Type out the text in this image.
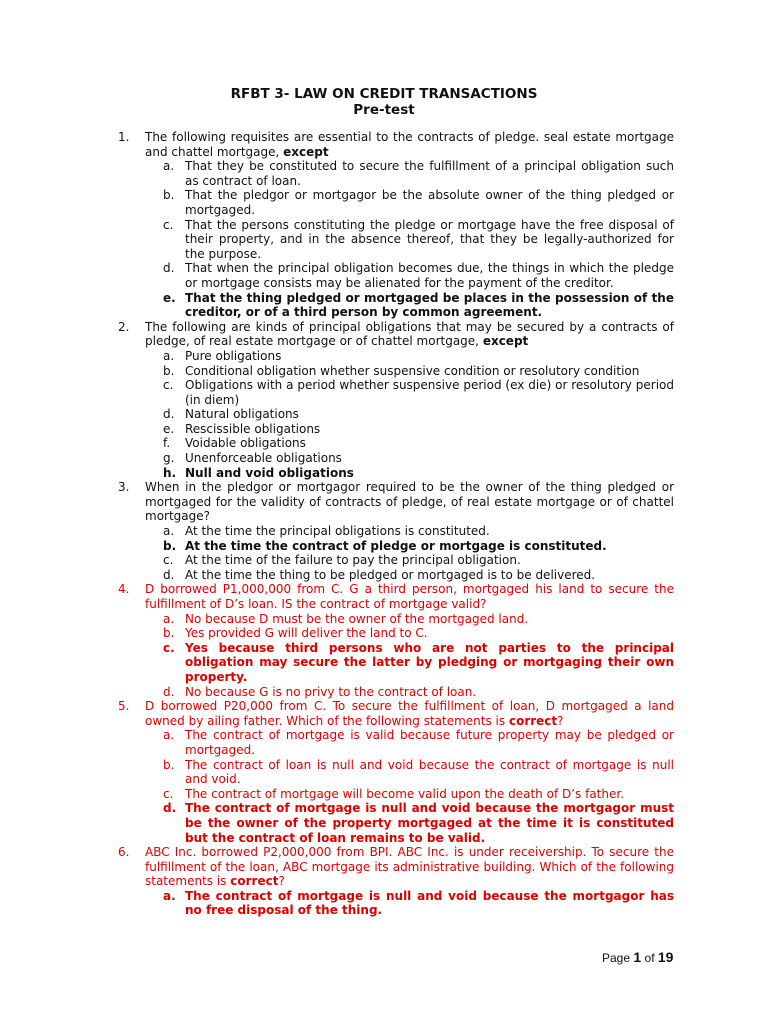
RFBT 3- LAW ON CREDIT TRANSACTIONS
Pre-test
1. The following requisites are essential to the contracts of pledge. seal estate mortgage and chattel mortgage, except
a. That they be constituted to secure the fulfillment of a principal obligation such as contract of loan.
b. That the pledgor or mortgagor be the absolute owner of the thing pledged or mortgaged.
c. That the persons constituting the pledge or mortgage have the free disposal of their property, and in the absence thereof, that they be legally-authorized for the purpose.
d. That when the principal obligation becomes due, the things in which the pledge or mortgage consists may be alienated for the payment of the creditor.
e. That the thing pledged or mortgaged be places in the possession of the creditor, or of a third person by common agreement.
2. The following are kinds of principal obligations that may be secured by a contracts of pledge, of real estate mortgage or of chattel mortgage, except
a. Pure obligations
b. Conditional obligation whether suspensive condition or resolutory condition
c. Obligations with a period whether suspensive period (ex die) or resolutory period (in diem)
d. Natural obligations
e. Rescissible obligations
f. Voidable obligations
g. Unenforceable obligations
h. Null and void obligations
3. When in the pledgor or mortgagor required to be the owner of the thing pledged or mortgaged for the validity of contracts of pledge, of real estate mortgage or of chattel mortgage?
a. At the time the principal obligations is constituted.
b. At the time the contract of pledge or mortgage is constituted.
c. At the time of the failure to pay the principal obligation.
d. At the time the thing to be pledged or mortgaged is to be delivered.
4. D borrowed P1,000,000 from C. G a third person, mortgaged his land to secure the fulfillment of D’s loan. IS the contract of mortgage valid?
a. No because D must be the owner of the mortgaged land.
b. Yes provided G will deliver the land to C.
c. Yes because third persons who are not parties to the principal obligation may secure the latter by pledging or mortgaging their own property.
d. No because G is no privy to the contract of loan.
5. D borrowed P20,000 from C. To secure the fulfillment of loan, D mortgaged a land owned by ailing father. Which of the following statements is correct?
a. The contract of mortgage is valid because future property may be pledged or mortgaged.
b. The contract of loan is null and void because the contract of mortgage is null and void.
c. The contract of mortgage will become valid upon the death of D’s father.
d. The contract of mortgage is null and void because the mortgagor must be the owner of the property mortgaged at the time it is constituted but the contract of loan remains to be valid.
6. ABC Inc. borrowed P2,000,000 from BPI. ABC Inc. is under receivership. To secure the fulfillment of the loan, ABC mortgage its administrative building. Which of the following statements is correct?
a. The contract of mortgage is null and void because the mortgagor has no free disposal of the thing.
Page 1 of 19
